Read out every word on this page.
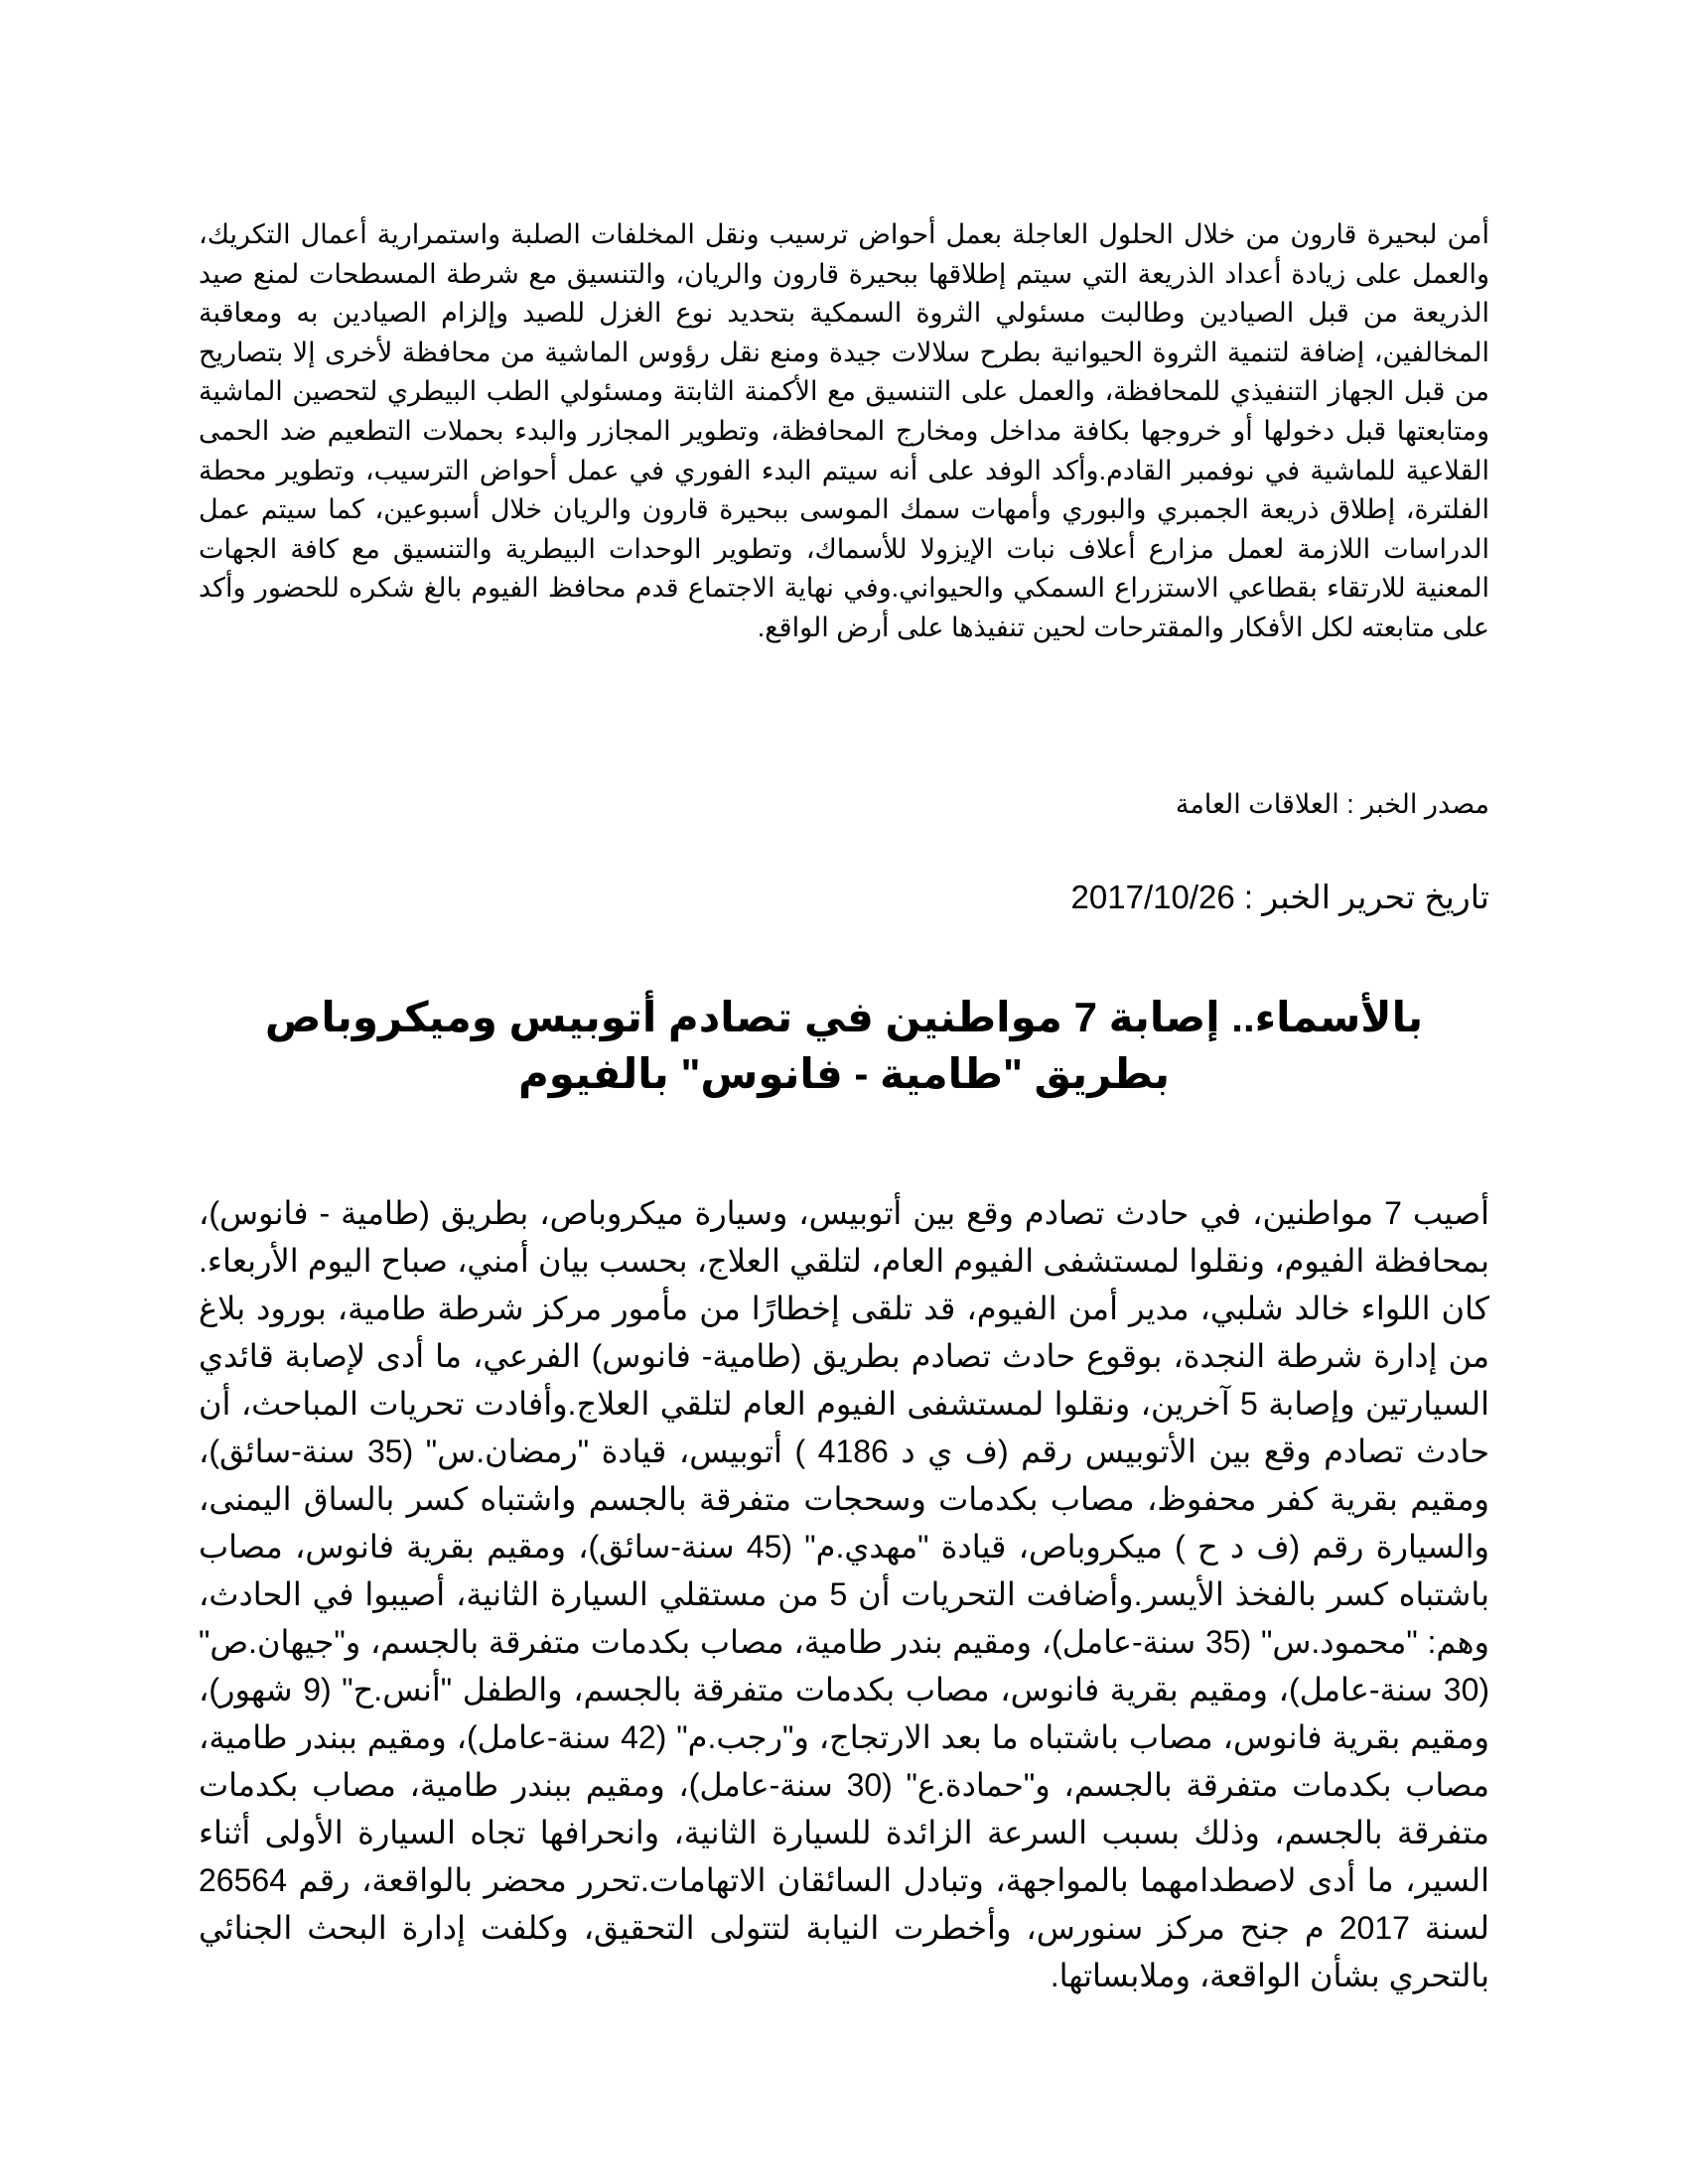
أمن لبحيرة قارون من خلال الحلول العاجلة بعمل أحواض ترسيب ونقل المخلفات الصلبة واستمرارية أعمال التكريك، والعمل على زيادة أعداد الذريعة التي سيتم إطلاقها ببحيرة قارون والريان، والتنسيق مع شرطة المسطحات لمنع صيد الذريعة من قبل الصيادين وطالبت مسئولي الثروة السمكية بتحديد نوع الغزل للصيد وإلزام الصيادين به ومعاقبة المخالفين، إضافة لتنمية الثروة الحيوانية بطرح سلالات جيدة ومنع نقل رؤوس الماشية من محافظة لأخرى إلا بتصاريح من قبل الجهاز التنفيذي للمحافظة، والعمل على التنسيق مع الأكمنة الثابتة ومسئولي الطب البيطري لتحصين الماشية ومتابعتها قبل دخولها أو خروجها بكافة مداخل ومخارج المحافظة، وتطوير المجازر والبدء بحملات التطعيم ضد الحمى القلاعية للماشية في نوفمبر القادم.وأكد الوفد على أنه سيتم البدء الفوري في عمل أحواض الترسيب، وتطوير محطة الفلترة، إطلاق ذريعة الجمبري والبوري وأمهات سمك الموسى ببحيرة قارون والريان خلال أسبوعين، كما سيتم عمل الدراسات اللازمة لعمل مزارع أعلاف نبات الإيزولا للأسماك، وتطوير الوحدات البيطرية والتنسيق مع كافة الجهات المعنية للارتقاء بقطاعي الاستزراع السمكي والحيواني.وفي نهاية الاجتماع قدم محافظ الفيوم بالغ شكره للحضور وأكد على متابعته لكل الأفكار والمقترحات لحين تنفيذها على أرض الواقع.

مصدر الخبر : العلاقات العامة
تاريخ تحرير الخبر : 2017/10/26
بالأسماء.. إصابة 7 مواطنين في تصادم أتوبيس وميكروباص بطريق "طامية - فانوس" بالفيوم

أصيب 7 مواطنين، في حادث تصادم وقع بين أتوبيس، وسيارة ميكروباص، بطريق (طامية - فانوس)، بمحافظة الفيوم، ونقلوا لمستشفى الفيوم العام، لتلقي العلاج، بحسب بيان أمني، صباح اليوم الأربعاء. كان اللواء خالد شلبي، مدير أمن الفيوم، قد تلقى إخطارًا من مأمور مركز شرطة طامية، بورود بلاغ من إدارة شرطة النجدة، بوقوع حادث تصادم بطريق (طامية- فانوس) الفرعي، ما أدى لإصابة قائدي السيارتين وإصابة 5 آخرين، ونقلوا لمستشفى الفيوم العام لتلقي العلاج.وأفادت تحريات المباحث، أن حادث تصادم وقع بين الأتوبيس رقم (ف ي د 4186 ) أتوبيس، قيادة "رمضان.س" (35 سنة-سائق)، ومقيم بقرية كفر محفوظ، مصاب بكدمات وسحجات متفرقة بالجسم واشتباه كسر بالساق اليمنى، والسيارة رقم (ف د ح ) ميكروباص، قيادة "مهدي.م" (45 سنة-سائق)، ومقيم بقرية فانوس، مصاب باشتباه كسر بالفخذ الأيسر.وأضافت التحريات أن 5 من مستقلي السيارة الثانية، أصيبوا في الحادث، وهم: "محمود.س" (35 سنة-عامل)، ومقيم بندر طامية، مصاب بكدمات متفرقة بالجسم، و"جيهان.ص" (30 سنة-عامل)، ومقيم بقرية فانوس، مصاب بكدمات متفرقة بالجسم، والطفل "أنس.ح" (9 شهور)، ومقيم بقرية فانوس، مصاب باشتباه ما بعد الارتجاج، و"رجب.م" (42 سنة-عامل)، ومقيم ببندر طامية، مصاب بكدمات متفرقة بالجسم، و"حمادة.ع" (30 سنة-عامل)، ومقيم ببندر طامية، مصاب بكدمات متفرقة بالجسم، وذلك بسبب السرعة الزائدة للسيارة الثانية، وانحرافها تجاه السيارة الأولى أثناء السير، ما أدى لاصطدامهما بالمواجهة، وتبادل السائقان الاتهامات.تحرر محضر بالواقعة، رقم 26564 لسنة 2017 م جنح مركز سنورس، وأخطرت النيابة لتتولى التحقيق، وكلفت إدارة البحث الجنائي بالتحري بشأن الواقعة، وملابساتها.
